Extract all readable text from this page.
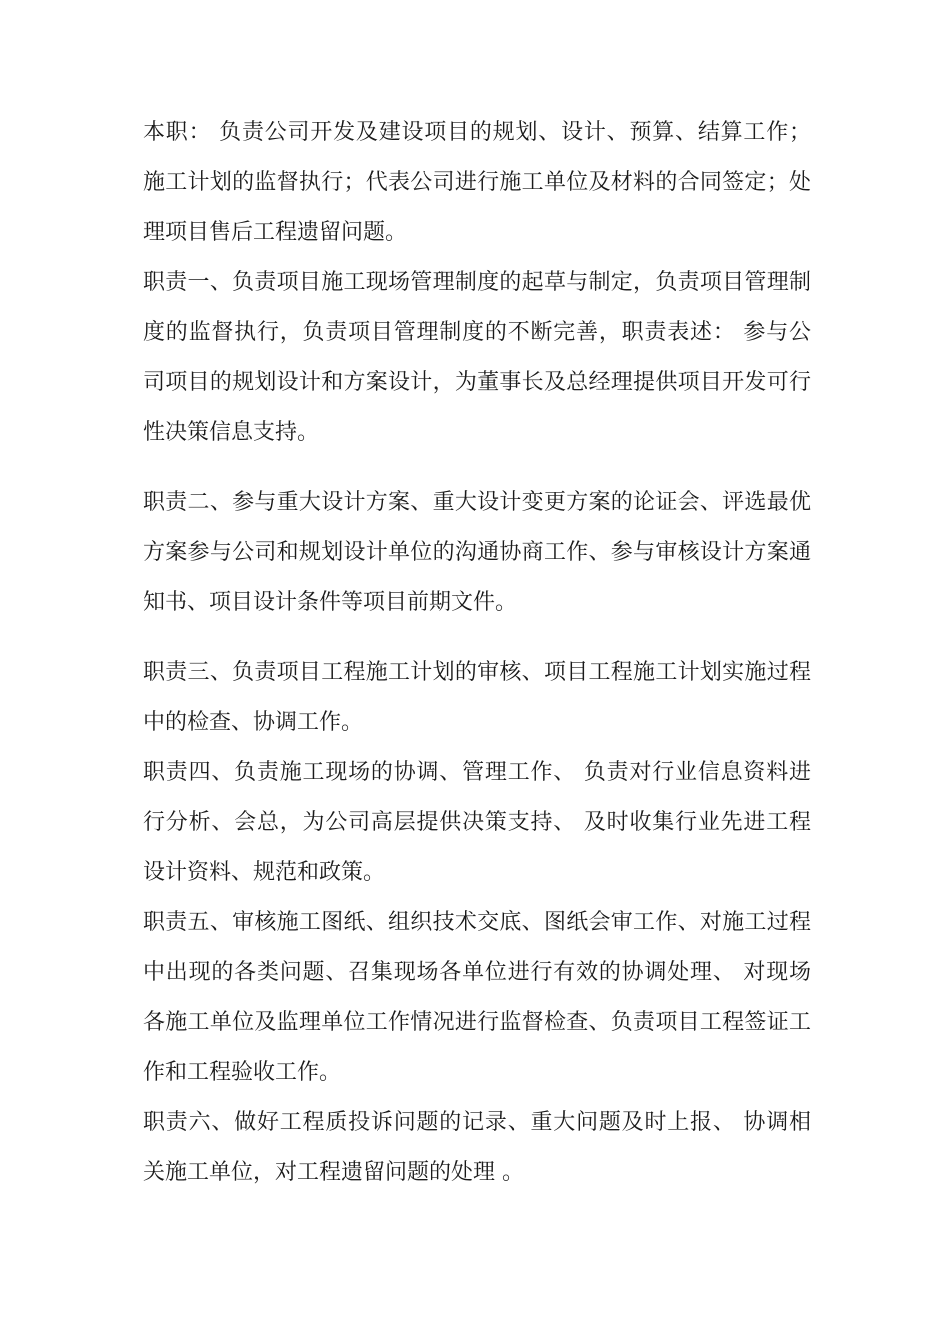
本职： 负责公司开发及建设项目的规划、设计、预算、结算工作；
施工计划的监督执行；代表公司进行施工单位及材料的合同签定；处
理项目售后工程遗留问题。
职责一、负责项目施工现场管理制度的起草与制定，负责项目管理制
度的监督执行，负责项目管理制度的不断完善，职责表述： 参与公
司项目的规划设计和方案设计，为董事长及总经理提供项目开发可行
性决策信息支持。
职责二、参与重大设计方案、重大设计变更方案的论证会、评选最优
方案参与公司和规划设计单位的沟通协商工作、参与审核设计方案通
知书、项目设计条件等项目前期文件。
职责三、负责项目工程施工计划的审核、项目工程施工计划实施过程
中的检查、协调工作。
职责四、负责施工现场的协调、管理工作、 负责对行业信息资料进
行分析、会总，为公司高层提供决策支持、 及时收集行业先进工程
设计资料、规范和政策。
职责五、审核施工图纸、组织技术交底、图纸会审工作、对施工过程
中出现的各类问题、召集现场各单位进行有效的协调处理、 对现场
各施工单位及监理单位工作情况进行监督检查、负责项目工程签证工
作和工程验收工作。
职责六、做好工程质投诉问题的记录、重大问题及时上报、 协调相
关施工单位，对工程遗留问题的处理 。
